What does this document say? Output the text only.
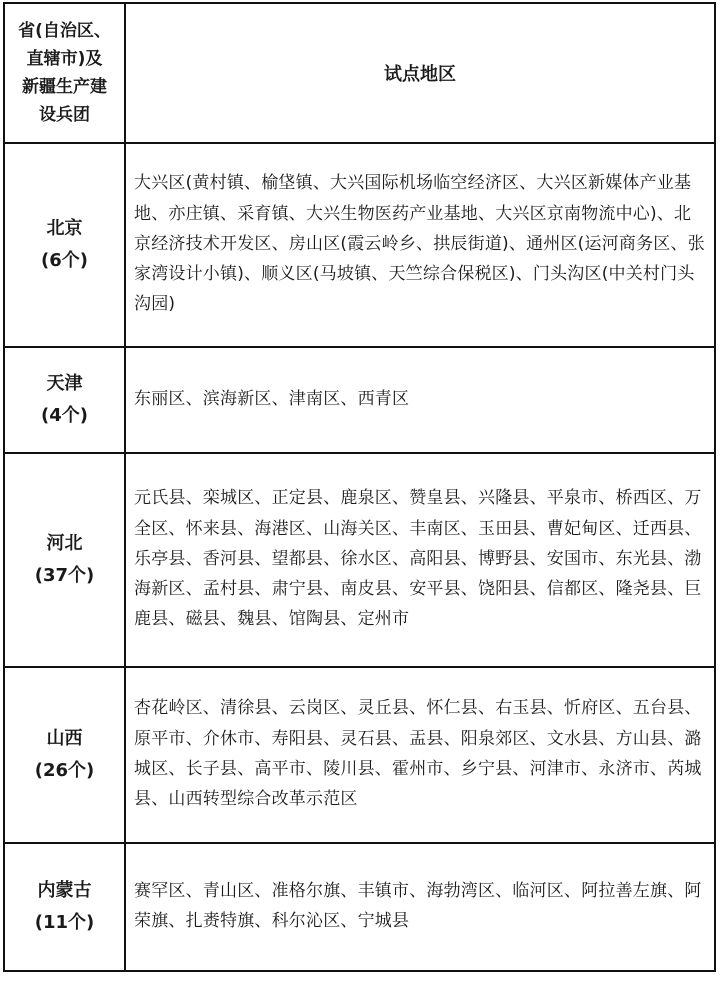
省(自治区、
直辖市)及
新疆生产建
设兵团	试点地区

北京
(6个)	大兴区(黄村镇、榆垡镇、大兴国际机场临空经济区、大兴区新媒体产业基地、亦庄镇、采育镇、大兴生物医药产业基地、大兴区京南物流中心)、北京经济技术开发区、房山区(霞云岭乡、拱辰街道)、通州区(运河商务区、张家湾设计小镇)、顺义区(马坡镇、天竺综合保税区)、门头沟区(中关村门头沟园)

天津
(4个)	东丽区、滨海新区、津南区、西青区

河北
(37个)	元氏县、栾城区、正定县、鹿泉区、赞皇县、兴隆县、平泉市、桥西区、万全区、怀来县、海港区、山海关区、丰南区、玉田县、曹妃甸区、迁西县、乐亭县、香河县、望都县、徐水区、高阳县、博野县、安国市、东光县、渤海新区、孟村县、肃宁县、南皮县、安平县、饶阳县、信都区、隆尧县、巨鹿县、磁县、魏县、馆陶县、定州市

山西
(26个)	杏花岭区、清徐县、云岗区、灵丘县、怀仁县、右玉县、忻府区、五台县、原平市、介休市、寿阳县、灵石县、盂县、阳泉郊区、文水县、方山县、潞城区、长子县、高平市、陵川县、霍州市、乡宁县、河津市、永济市、芮城县、山西转型综合改革示范区

内蒙古
(11个)	赛罕区、青山区、准格尔旗、丰镇市、海勃湾区、临河区、阿拉善左旗、阿荣旗、扎赉特旗、科尔沁区、宁城县
